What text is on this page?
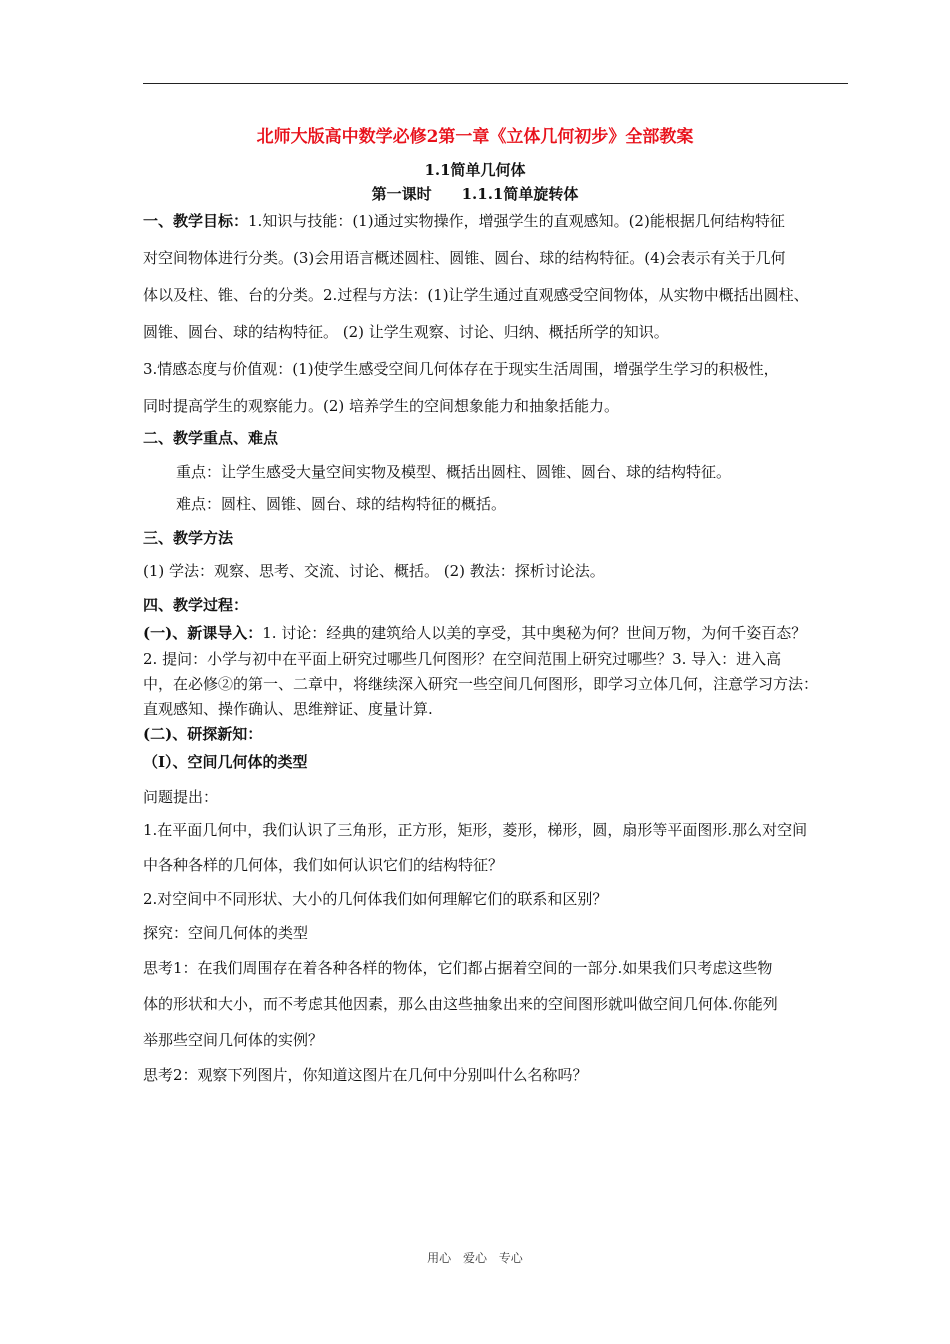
北师大版高中数学必修2第一章《立体几何初步》全部教案
1.1简单几何体
第一课时　　1.1.1简单旋转体
一、教学目标：1.知识与技能：(1)通过实物操作，增强学生的直观感知。(2)能根据几何结构特征
对空间物体进行分类。(3)会用语言概述圆柱、圆锥、圆台、球的结构特征。(4)会表示有关于几何
体以及柱、锥、台的分类。2.过程与方法：(1)让学生通过直观感受空间物体，从实物中概括出圆柱、
圆锥、圆台、球的结构特征。 (2) 让学生观察、讨论、归纳、概括所学的知识。
3.情感态度与价值观：(1)使学生感受空间几何体存在于现实生活周围，增强学生学习的积极性，
同时提高学生的观察能力。(2) 培养学生的空间想象能力和抽象括能力。
二、教学重点、难点
重点：让学生感受大量空间实物及模型、概括出圆柱、圆锥、圆台、球的结构特征。
难点：圆柱、圆锥、圆台、球的结构特征的概括。
三、教学方法
(1) 学法：观察、思考、交流、讨论、概括。 (2) 教法：探析讨论法。
四、教学过程：
(一)、新课导入：1. 讨论：经典的建筑给人以美的享受，其中奥秘为何？世间万物，为何千姿百态？
2. 提问：小学与初中在平面上研究过哪些几何图形？在空间范围上研究过哪些？3. 导入：进入高
中，在必修②的第一、二章中，将继续深入研究一些空间几何图形，即学习立体几何，注意学习方法：
直观感知、操作确认、思维辩证、度量计算.
(二)、研探新知：
（Ⅰ）、空间几何体的类型
问题提出：
1.在平面几何中，我们认识了三角形，正方形，矩形，菱形，梯形，圆，扇形等平面图形.那么对空间
中各种各样的几何体，我们如何认识它们的结构特征？
2.对空间中不同形状、大小的几何体我们如何理解它们的联系和区别？
探究：空间几何体的类型
思考1：在我们周围存在着各种各样的物体，它们都占据着空间的一部分.如果我们只考虑这些物
体的形状和大小，而不考虑其他因素，那么由这些抽象出来的空间图形就叫做空间几何体.你能列
举那些空间几何体的实例？
思考2：观察下列图片，你知道这图片在几何中分别叫什么名称吗？
用心 爱心 专心
